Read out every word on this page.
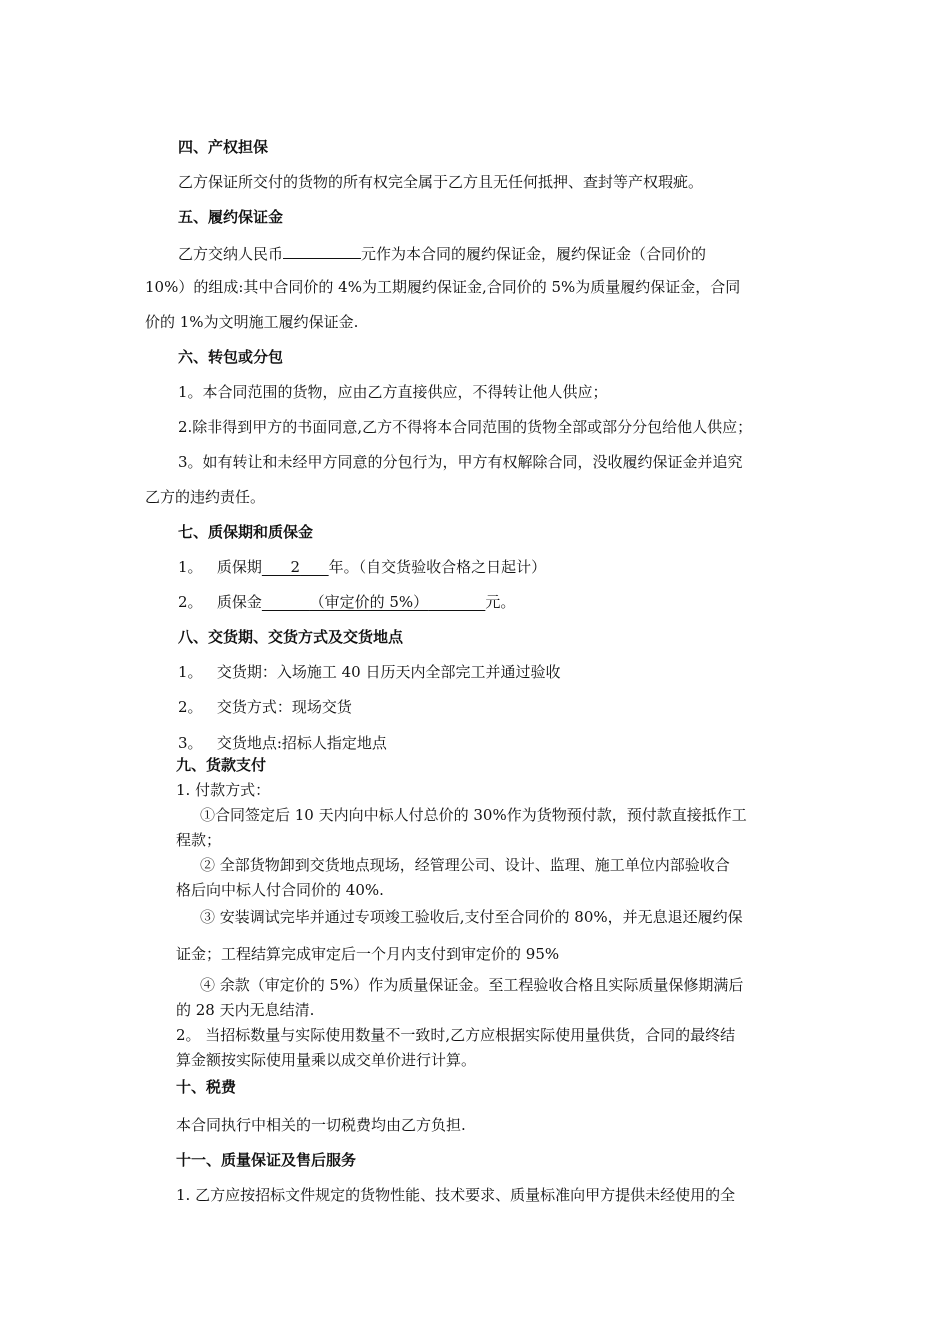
四、产权担保
乙方保证所交付的货物的所有权完全属于乙方且无任何抵押、查封等产权瑕疵。
五、履约保证金
乙方交纳人民币	元作为本合同的履约保证金，履约保证金（合同价的
10%）的组成:其中合同价的 4%为工期履约保证金,合同价的 5%为质量履约保证金，合同
价的 1%为文明施工履约保证金.
六、转包或分包
1。本合同范围的货物，应由乙方直接供应，不得转让他人供应；
2.除非得到甲方的书面同意,乙方不得将本合同范围的货物全部或部分分包给他人供应；
3。如有转让和未经甲方同意的分包行为，甲方有权解除合同，没收履约保证金并追究
乙方的违约责任。
七、质保期和质保金
1。 质保期 2 年。（自交货验收合格之日起计）
2。 质保金	（审定价的 5%）	元。
八、交货期、交货方式及交货地点
1。 交货期：入场施工 40 日历天内全部完工并通过验收
2。 交货方式：现场交货
3。 交货地点:招标人指定地点
九、货款支付
1. 付款方式：
①合同签定后 10 天内向中标人付总价的 30%作为货物预付款，预付款直接抵作工
程款；
② 全部货物卸到交货地点现场，经管理公司、设计、监理、施工单位内部验收合
格后向中标人付合同价的 40%.
③ 安装调试完毕并通过专项竣工验收后,支付至合同价的 80%，并无息退还履约保
证金；工程结算完成审定后一个月内支付到审定价的 95%
④ 余款（审定价的 5%）作为质量保证金。至工程验收合格且实际质量保修期满后
的 28 天内无息结清.
2。 当招标数量与实际使用数量不一致时,乙方应根据实际使用量供货，合同的最终结
算金额按实际使用量乘以成交单价进行计算。
十、税费
本合同执行中相关的一切税费均由乙方负担.
十一、质量保证及售后服务
1. 乙方应按招标文件规定的货物性能、技术要求、质量标准向甲方提供未经使用的全
